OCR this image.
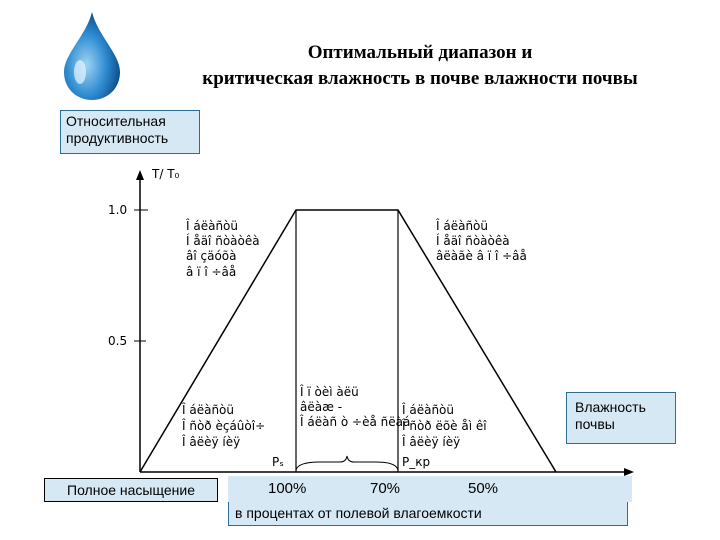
Оптимальный диапазон и
критическая влажность в почве влажности почвы
Относительная продуктивность
Влажность почвы
T/ T₀
1.0
0.5
Pₛ	P_кр
Î áëàñòü
Í åäî ñòàòêà
âî çäóõà
â ï î ÷âå
Î áëàñòü
Í åäî ñòàòêà
âëàãè â ï î ÷âå
Î áëàñòü
Î ñòð èçáûòî÷
Î âëèÿ íèÿ
Î ï òèì àëü
âëàæ -
Î áëàñ ò ÷èå ñëàá
Î áëàñòü
Î ñòð ëõè åì êî
Î âëèÿ íèÿ
Полное насыщение	100%	70%	50%
в процентах от полевой влагоемкости
